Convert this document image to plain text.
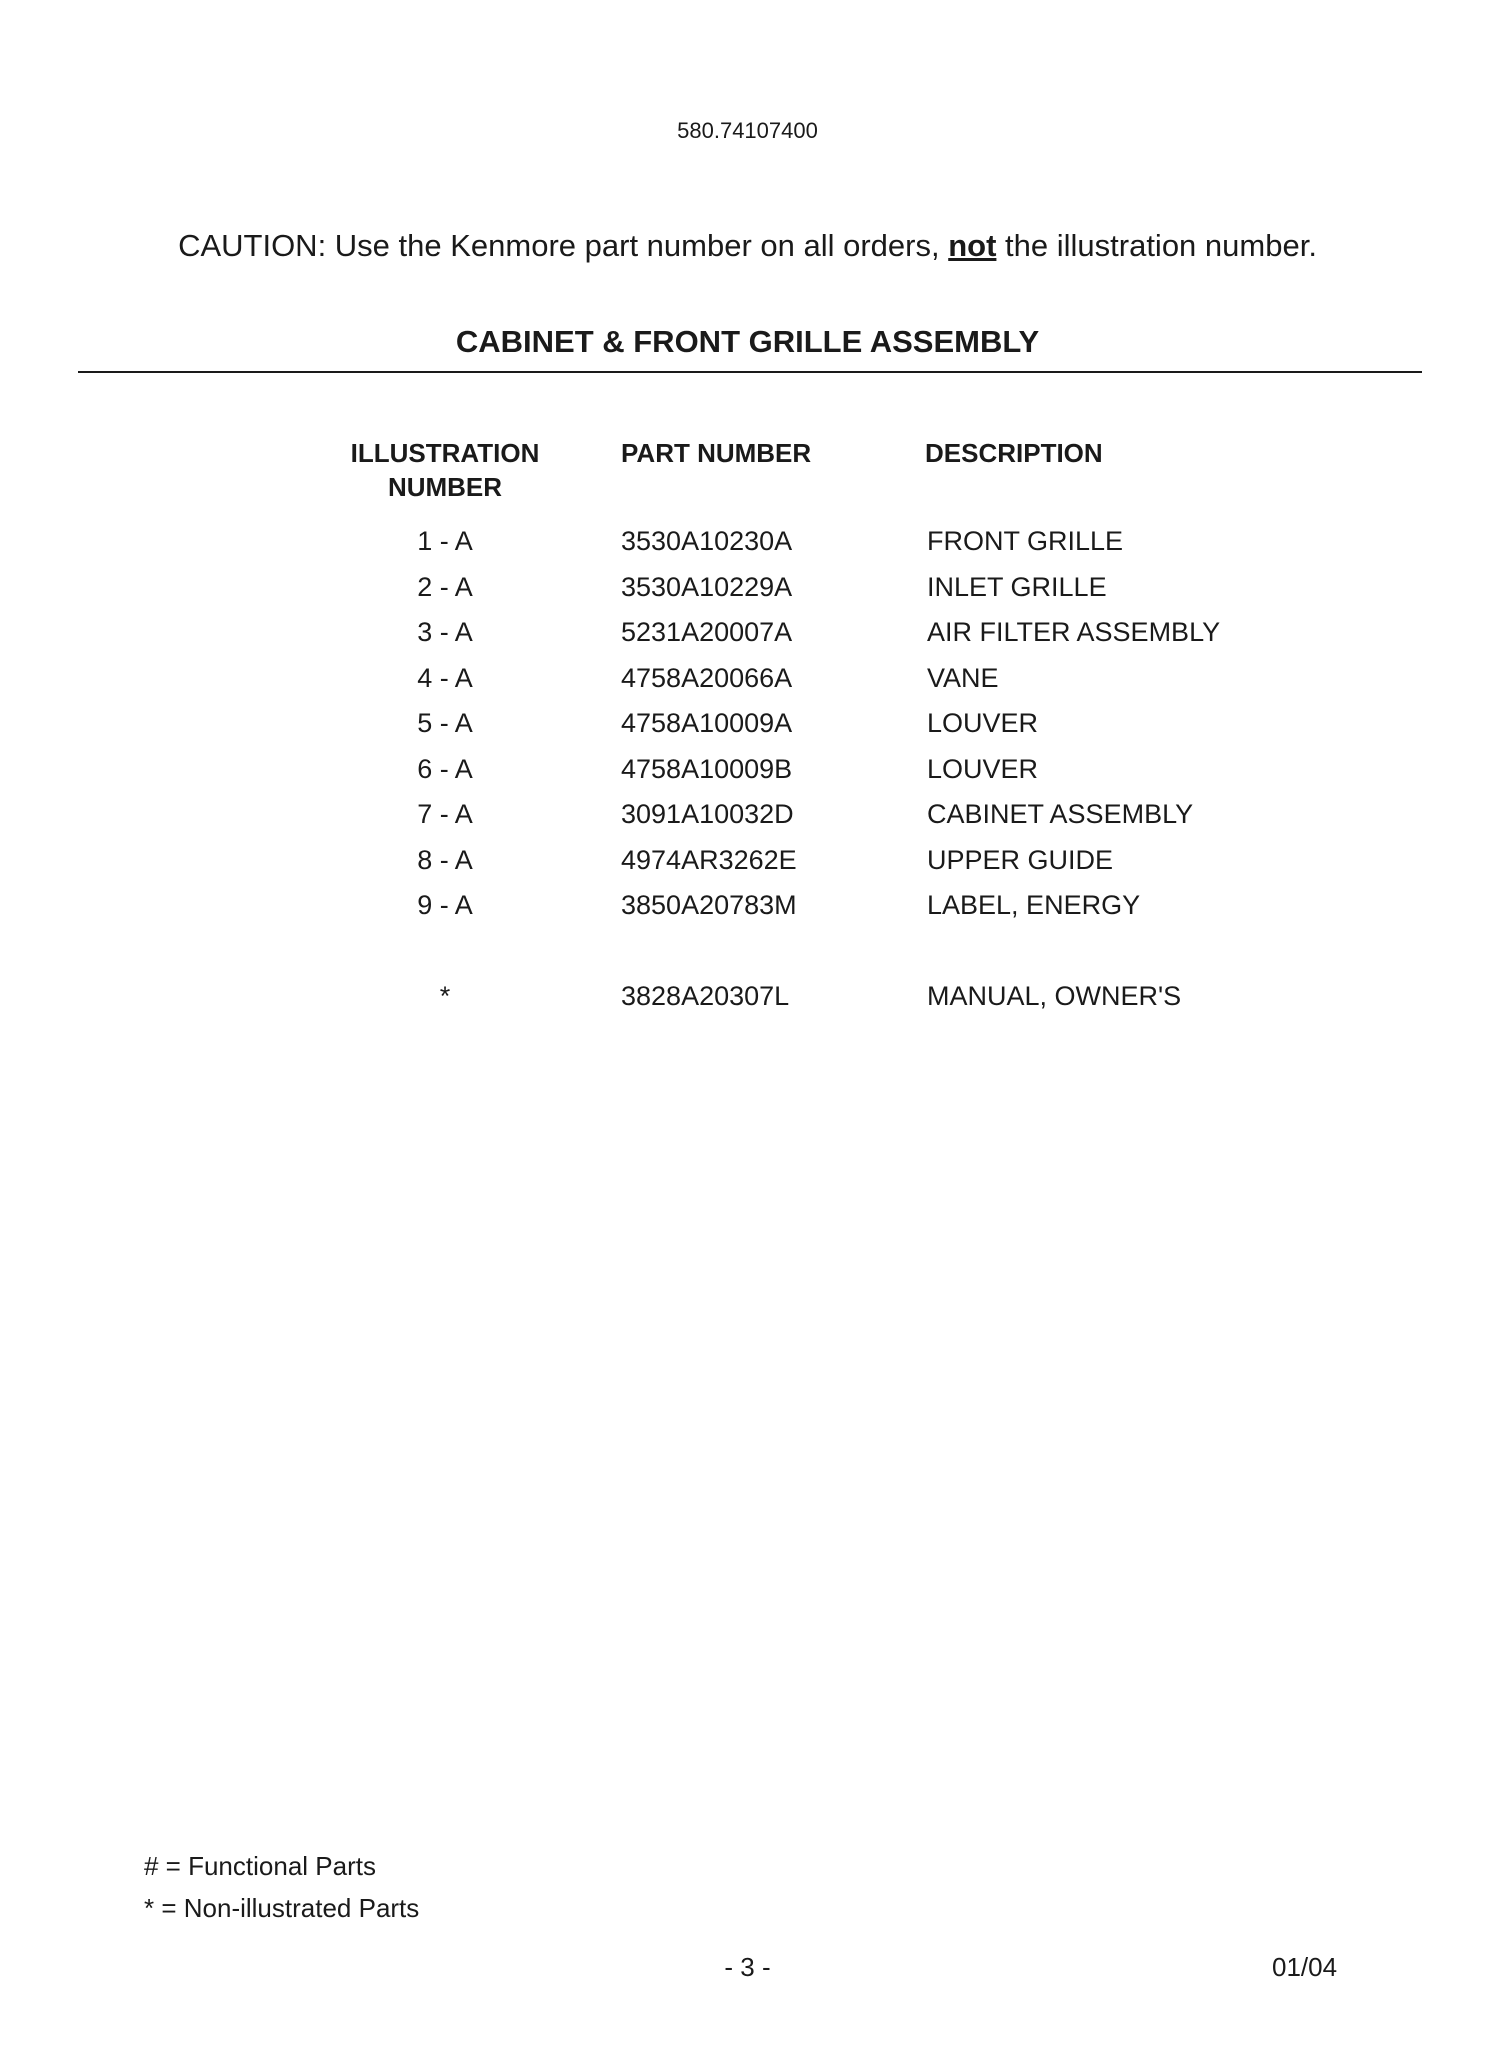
580.74107400
CAUTION: Use the Kenmore part number on all orders, not the illustration number.
CABINET & FRONT GRILLE ASSEMBLY
ILLUSTRATION
NUMBER
PART NUMBER	DESCRIPTION
1 - A	3530A10230A	FRONT GRILLE
2 - A	3530A10229A	INLET GRILLE
3 - A	5231A20007A	AIR FILTER ASSEMBLY
4 - A	4758A20066A	VANE
5 - A	4758A10009A	LOUVER
6 - A	4758A10009B	LOUVER
7 - A	3091A10032D	CABINET ASSEMBLY
8 - A	4974AR3262E	UPPER GUIDE
9 - A	3850A20783M	LABEL, ENERGY
*	3828A20307L	MANUAL, OWNER'S
# = Functional Parts
* = Non-illustrated Parts
- 3 -	01/04
